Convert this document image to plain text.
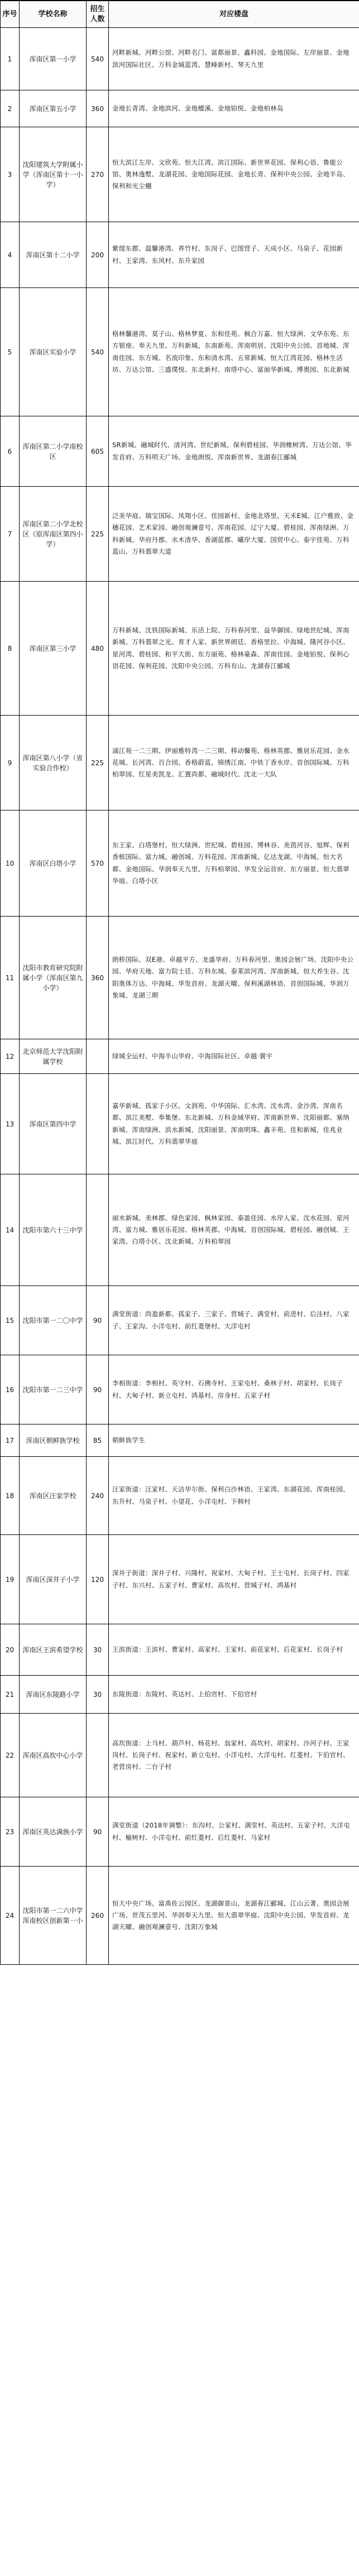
序号	学校名称	招生人数	对应楼盘
1	浑南区第一小学	540	河畔新城、河畔公馆、河畔名门、富都丽景、鑫科园、金地国际、左岸丽景、金地滨河国际社区、万科金域蓝湾、慧峰新村、琴天九里
2	浑南区第五小学	360	金地长青湾、金地滨河、金地檀溪、金地铂悦、金地柏林岛
3	沈阳建筑大学附属小学（浑南区第十一小学）	270	恒大滨江左岸、文欣苑、恒大江湾、滨江国际、新世界花园、保利心语、鲁能公馆、奥林逸墅、龙湖花园、金地国际花园、金地长青、保利中央公园、全地半岛、保利和光尘樾
4	浑南区第十二小学	200	紫缇东郡、温馨港湾、养竹村、东岗子、巴图营子、天成小区、马泉子、花园新村、王家湾、东风村、东升家园
5	浑南区实验小学	540	格林馨港湾、莫子山、格林梦夏、东和佳苑、枫合万嘉、恒大绿洲、文华东苑、东方银座、奉天九里、万科新城、东南新苑、浑南明居、沈阳中央公园、首地城、浑南佳园、东方城、名流印象、东和清水湾、五常新城、恒大江湾花园、格林生活坊、万达公馆、三盛璞悦、东北新村、南塔中心、富丽华新城、博奥园、东北新城
6	浑南区第二小学南校区	605	SR新城、融城时代、清河湾、世纪新城、保利碧桂园、华润橡树湾、万达公馆、华发首府、万科明天广场、金地朗悦、浑南新世界、龙湖春江郦城
7	浑南区第二小学北校区（原浑南区第四小学）	225	泛美华庭、瑞宝国际、凤翔小区、佳园新村、金地北塔里、天禾E城、江户雅致、金穗花园、艺术家园、融创观澜壹号、浑南花园、辽宁大厦、碧桂园、浑南绿洲、万科新城、华府丹郡、水木清华、香湖蓝郡、曦岸大厦、国贸中心、泰宇佳苑、万科蓝山、万科翡翠大道
8	浑南区第三小学	480	万科新城、沈铁国际新城、乐活上院、万科春河里、益华御园、绿地世纪城、浑南新城、万科翡翠之光、育才人家、新世界朗廷、香格里拉、中海城、隆河谷小区、星河湾、碧桂园、和平大街、东方丽苑、格林豪森、浑南佳园、金地铂悦、保利心语花园、保利花园、沈阳中央公园、万科有山、龙湖春江郦城
9	浑南区第八小学（省实验合作校）	225	浦江苑一二三期、伊丽雅特湾一二三期、移动馨苑、格林英郡、雅居乐花园、金水花城、长河湾、百合园、香格蔚蓝、锦绣江南、中铁丁香水岸、首创国际城、万科柏翠园、红星美凯龙、汇置尚都、融城时代、沈北一大队
10	浑南区白塔小学	570	东王家、白塔堡村、恒大绿洲、世纪城、碧桂园、博林谷、美茵河谷、旭辉、保利香槟国际、富力城、融创城、万科花园、浑南新城、亿达龙湖、中海城、恒大名都、金地国际、华润奉天九里、万科柏翠园、华发全运首府、东方丽景、恒大翡翠华庭、白塔小区
11	沈阳市教育研究院附属小学（浑南区第九小学）	360	朗桥国际、双E港、卓越平方、龙盛华府、万科春河里、奥园会展广场、沈阳中央公园、华府天地、富力院士廷、万科东城、泰莱滨河湾、浑南新城、恒大养生谷、沈阳奥体万达、中海城、华发首府、龙湖天曜、保利溪湖林语、首创国际城、华润万象城、龙湖三期
12	北京师范大学沈阳附属学校		绿城全运村、中海半山华府、中海国际社区、卓越·寰宇
13	浑南区第四中学		嘉华新城、孤家子小区、文润苑、中华国际、汇水湾、沈水湾、金沙湾、浑南名都、滨江美墅、奉集堡、东北新城、万科金域华府、浑南新世界、沈阳丽都、塞纳新城、浑南绿洲、滨水新城、沈阳丽景、浑南明珠、鑫丰苑、佳和新城、佳兆业城、滨江时代、万科翡翠华庭
14	沈阳市第六十三中学		丽水新城、美林郡、绿色家园、枫林家园、泰盈佳园、水岸人家、沈水花园、星河湾、富力城、雅居乐花园、格林英郡、中海城、首创国际城、碧桂园、融创城、王家湾、白塔小区、沈北新城、万科柏翠园
15	沈阳市第一二〇中学	90	满堂街道：尚盈新都、孤家子、三家子、营城子、满堂村、前进村、后洼村、八家子、王家沟、小洋屯村、前红菱堡村、大洋屯村
16	沈阳市第一二三中学	90	李相街道：李相村、英守村、石佛寺村、王家屯村、桑林子村、胡家村、长岗子村、大甸子村、新立屯村、鸿基村、房身村、五家子村
17	浑南区朝鲜族学校	85	朝鲜族学生
18	浑南区汪家学校	240	汪家街道：汪家村、天洁华尔街、保利白沙林语、王家湾、东湖花园、浑南桂园、东升村、马泉子村、小望花、小洋屯村、下韩村
19	浑南区深井子小学	120	深井子街道：深井子村、兴隆村、祝家村、大甸子村、王士屯村、长岗子村、四家子村、东兴村、五家子村、曹家村、高坎村、营城子村、鸿基村
20	浑南区王滨希望学校	30	王滨街道：王滨村、曹家村、高家村、王家村、前花家村、后花家村、长岗子村
21	浑南区东陵路小学	30	东陵街道：东陵村、英达村、上伯官村、下伯官村
22	浑南区高坎中心小学		高坎街道：上马村、葫芦村、杨花村、翁家村、高坎村、胡家村、沙河子村、王家岗村、长岗子村、祝家村、新立屯村、小洋屯村、大洋屯村、红菱村、下伯官村、老营房村、二台子村
23	浑南区英达满族小学	90	满堂街道（2018年调整）：东沟村、公家村、满堂村、英达村、五家子村、大洋屯村、榆树村、小洋屯村、前红菱村、后红菱村、马家村
24	沈阳市第一二六中学浑南校区创新第一小	260	恒大中央广场、富禹佐云园区、龙湖御景山、龙湖春江郦城、江山云著、奥园会展广场、世茂五里河、华润奉天九里、恒大翡翠华庭、沈阳中央公园、华发首府、龙湖天曜、融创观澜壹号、沈阳万象城
